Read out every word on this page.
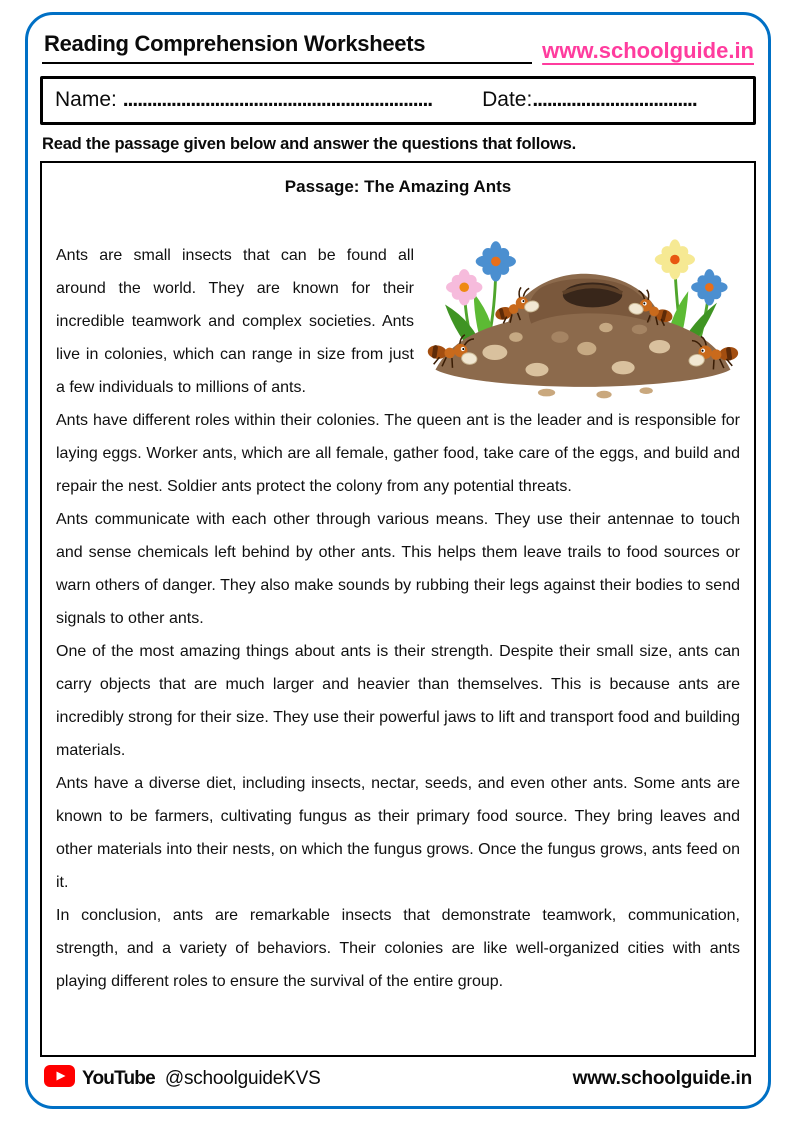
Reading Comprehension Worksheets	www.schoolguide.in
Name: ................................................................	Date:..................................
Read the passage given below and answer the questions that follows.
Passage: The Amazing Ants

Ants are small insects that can be found all around the world. They are known for their incredible teamwork and complex societies. Ants live in colonies, which can range in size from just a few individuals to millions of ants.

Ants have different roles within their colonies. The queen ant is the leader and is responsible for laying eggs. Worker ants, which are all female, gather food, take care of the eggs, and build and repair the nest. Soldier ants protect the colony from any potential threats.

Ants communicate with each other through various means. They use their antennae to touch and sense chemicals left behind by other ants. This helps them leave trails to food sources or warn others of danger. They also make sounds by rubbing their legs against their bodies to send signals to other ants.

One of the most amazing things about ants is their strength. Despite their small size, ants can carry objects that are much larger and heavier than themselves. This is because ants are incredibly strong for their size. They use their powerful jaws to lift and transport food and building materials.

Ants have a diverse diet, including insects, nectar, seeds, and even other ants. Some ants are known to be farmers, cultivating fungus as their primary food source. They bring leaves and other materials into their nests, on which the fungus grows. Once the fungus grows, ants feed on it.

In conclusion, ants are remarkable insects that demonstrate teamwork, communication, strength, and a variety of behaviors. Their colonies are like well-organized cities with ants playing different roles to ensure the survival of the entire group.

YouTube @schoolguideKVS	www.schoolguide.in
